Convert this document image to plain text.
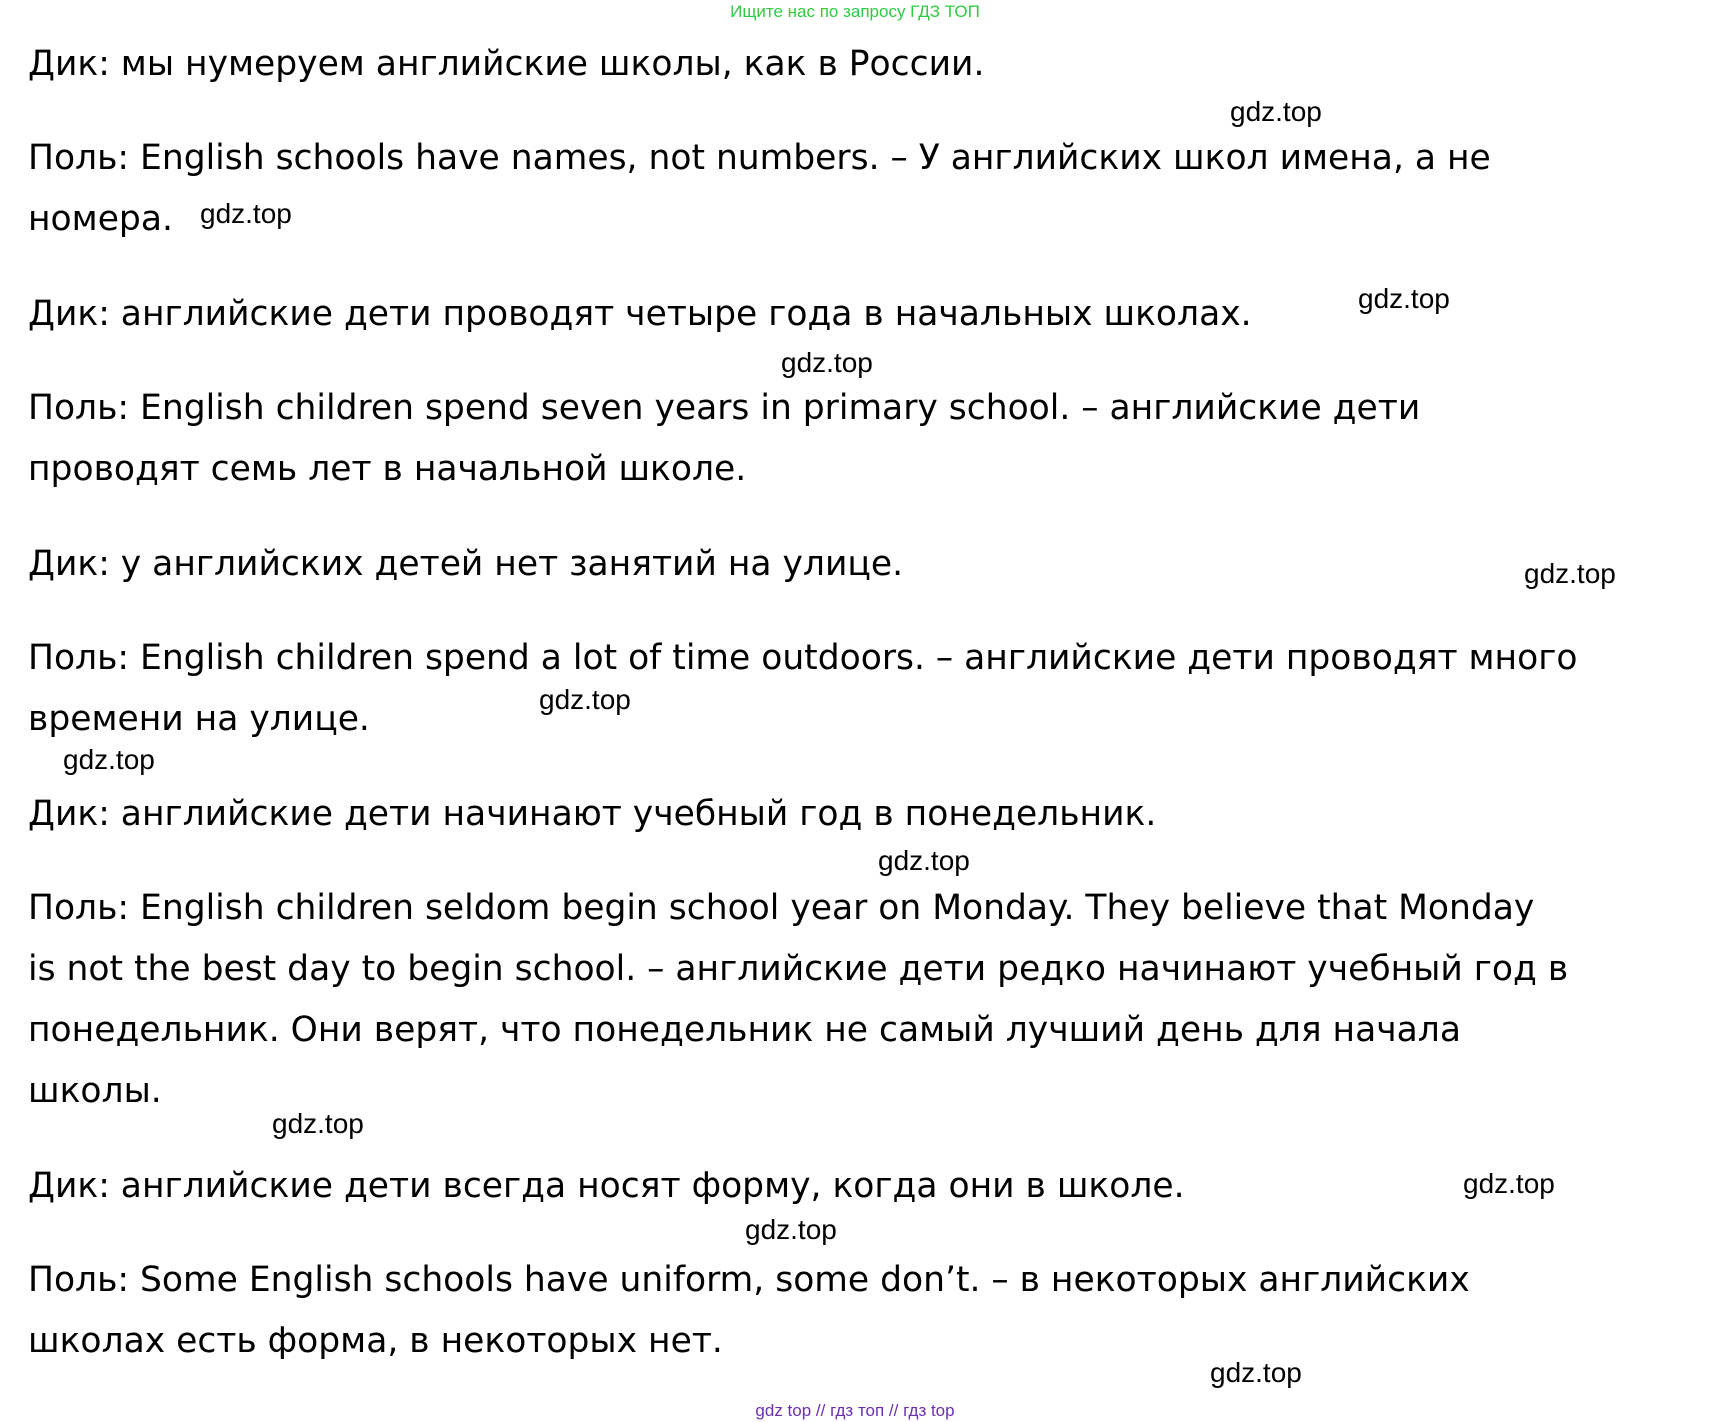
Ищите нас по запросу ГДЗ ТОП
Дик: мы нумеруем английские школы, как в России.
Поль: English schools have names, not numbers. – У английских школ имена, а не
номера.
Дик: английские дети проводят четыре года в начальных школах.
Поль: English children spend seven years in primary school. – английские дети
проводят семь лет в начальной школе.
Дик: у английских детей нет занятий на улице.
Поль: English children spend a lot of time outdoors. – английские дети проводят много
времени на улице.
Дик: английские дети начинают учебный год в понедельник.
Поль: English children seldom begin school year on Monday. They believe that Monday
is not the best day to begin school. – английские дети редко начинают учебный год в
понедельник. Они верят, что понедельник не самый лучший день для начала
школы.
Дик: английские дети всегда носят форму, когда они в школе.
Поль: Some English schools have uniform, some don’t. – в некоторых английских
школах есть форма, в некоторых нет.
gdz.top
gdz.top
gdz.top
gdz.top
gdz.top
gdz.top
gdz.top
gdz.top
gdz.top
gdz.top
gdz.top
gdz.top
gdz top // гдз топ // гдз top
